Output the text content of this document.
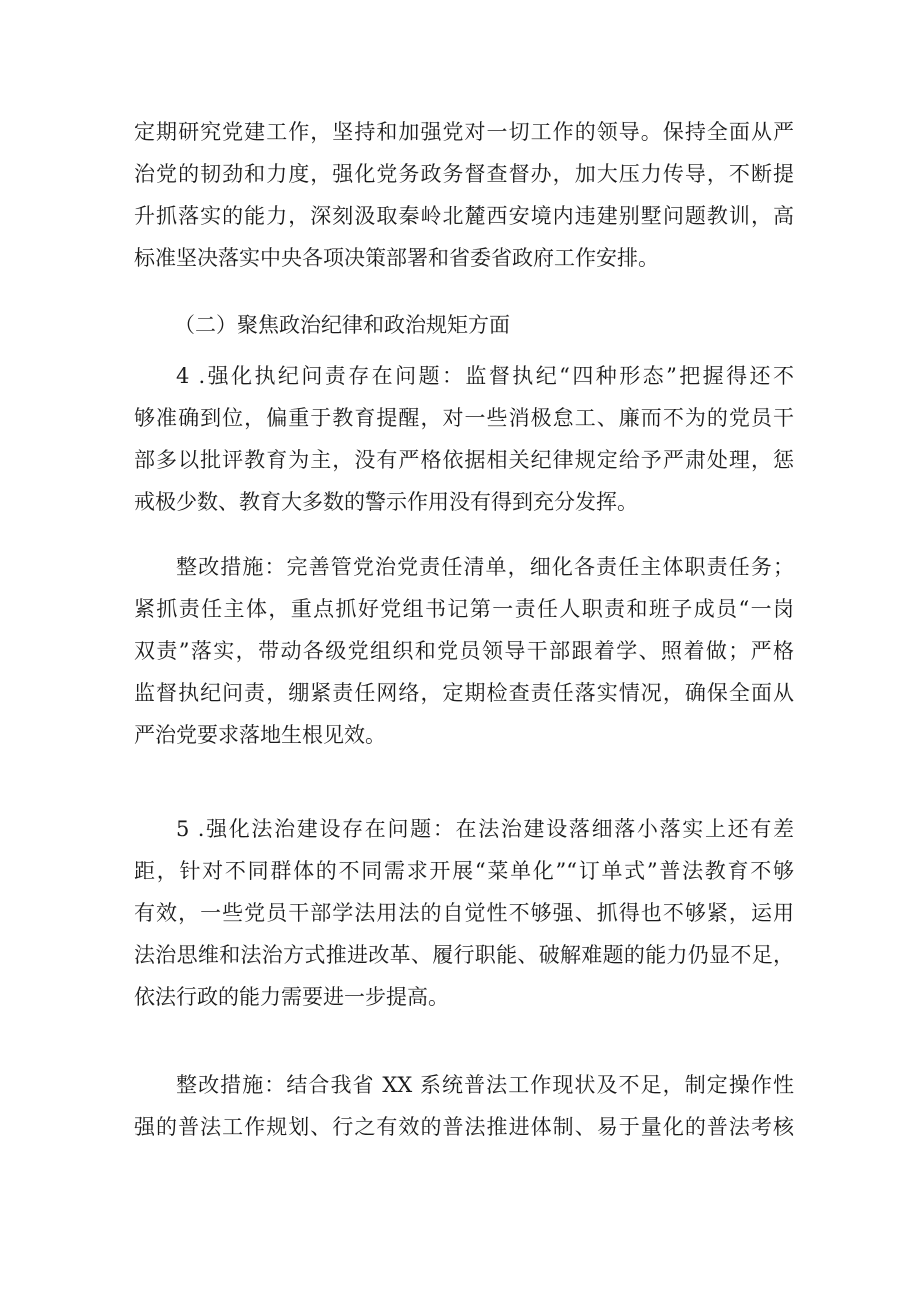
定期研究党建工作，坚持和加强党对一切工作的领导。保持全面从严
治党的韧劲和力度，强化党务政务督查督办，加大压力传导，不断提
升抓落实的能力，深刻汲取秦岭北麓西安境内违建别墅问题教训，高
标准坚决落实中央各项决策部署和省委省政府工作安排。
（二）聚焦政治纪律和政治规矩方面
4 .强化执纪问责存在问题：监督执纪“四种形态”把握得还不
够准确到位，偏重于教育提醒，对一些消极怠工、廉而不为的党员干
部多以批评教育为主，没有严格依据相关纪律规定给予严肃处理，惩
戒极少数、教育大多数的警示作用没有得到充分发挥。
整改措施：完善管党治党责任清单，细化各责任主体职责任务；
紧抓责任主体，重点抓好党组书记第一责任人职责和班子成员“一岗
双责”落实，带动各级党组织和党员领导干部跟着学、照着做；严格
监督执纪问责，绷紧责任网络，定期检查责任落实情况，确保全面从
严治党要求落地生根见效。
5 .强化法治建设存在问题：在法治建设落细落小落实上还有差
距，针对不同群体的不同需求开展“菜单化”“订单式”普法教育不够
有效，一些党员干部学法用法的自觉性不够强、抓得也不够紧，运用
法治思维和法治方式推进改革、履行职能、破解难题的能力仍显不足，
依法行政的能力需要进一步提高。
整改措施：结合我省 XX 系统普法工作现状及不足，制定操作性
强的普法工作规划、行之有效的普法推进体制、易于量化的普法考核
